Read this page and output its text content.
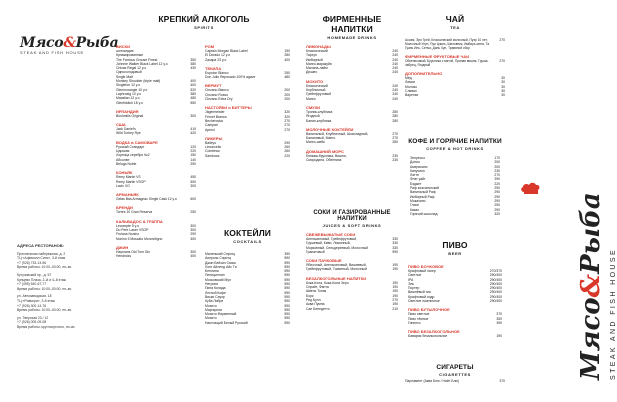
Мясо&Рыба
STEAK AND FISH HOUSE
АДРЕСА РЕСТОРАНОВ:

Пресненская набережная, д. 2
ТЦ «Афимолл Сити», 3-й этаж
+7 (926) 733-13-96
Время работы: 10:00–00:00, пн–вс

Кутузовский пр., д. 57
Кунцево Плаза, 2–й и 4–й этаж
+7 (495) 540-67-77
Время работы: 10:00–00:00, пн–вс

ул. Автозаводская, 18
ТЦ «Ривьера», 3-й этаж
+7 (926) 300-14-76
Время работы: 10:00–00:00, пн–вс

ул. Тверская 23 / 12
+7 (926) 009-09-08
Время работы: круглосуточно, пн–вс

КРЕПКИЙ АЛКОГОЛЬ
SPIRITS
ВИСКИ
шотландия
Купажированные
The Famous Grouse Finest	350
Johnnie Walker Black Label 12 y.o	380
Chivas Regal 12 y.o	430
Односолодовый
Single Malt
Monkey Shoulder (triple malt)	400
Singleton 12 y.o	400
Glenmorangie 10 y.o	520
Laphroaig 10 y.o	380
Macallan 12 y.o	480
Glenfiddich 18 y.o	550
ИРЛАНДИЯ
Bushmills Original	300
США
Jack Daniel's	410
Wild Turkey Rye	420
ВОДКА в САМОВАРЕ
Русский Стандарт	120
Царская	220
Хортица серебро №2	150
Абсолют	140
Beluga Noble	290
КОНЬЯК
Remy Martin VS	450
Remy Martin VSOP	500
Lavic XO	300
АРМАНЬЯК
Gelas Bas Armagnac Single Cask 12 y.o	600
БРЕНДИ
Torres 10 Gran Reserva	250
КАЛЬВАДОС & ГРАППА
Lecompte 5 y.o	300
Du Pere Lauer VSOP	300
Frulana Nonino	290
Nonino Il Moscato Monovitigno	400
ДЖИН
Haymans Old Tom Gin	300
Hendricks	400
РОМ
Captain Morgan Black Label	190
El Dorado 12 y.o	280
Zacapa 23 y.o	400
ТЕКИЛА
Espolon Blanco	250
Don Julio Reposado 100% agave	480
ВЕРМУТ
Cinzano Bianco	200
Cinzano Rosso	200
Cinzano Extra Dry	200
НАСТОЙКИ и БИТТЕРЫ
Jägermeister	320
Fernet Branca	320
Becherovka	270
Campari	270
Aperol	270
ЛИКЕРЫ
Baileys	290
Limoncello	260
Cointreau	260
Sambuca	220
КОКТЕЙЛИ
COCKTAILS
Маленький Спритц	390
Апероль Спритц	590
Джин Бейзил Смэш	590
Лонг Айленд Айс Ти	590
Беллини	590
Пенициллин	590
Московский Мул	590
Негрони	590
Пина Колада	590
Лесной Кофе	590
Виски Сауэр	590
Куба Либре	590
Мохито	590
Маргарита	590
Мохито Фирменный	590
Мохито	590
Настоящий Белый Русский	590
ФИРМЕННЫЕ НАПИТКИ
HOMEMADE DRINKS
ЛИМОНАДЫ
Классический	240
Тархун	240
Имбирный	240
Манго-маракуйя	240
Малина-лайм	240
Дюшес	240
МОХИТО
Классический	240
Клубничный	240
Грейпфрутовый	240
Манго	240
СМУЗИ
Тропик-клубника	280
Ягодный	280
Банан-клубника	280
МОЛОЧНЫЕ КОКТЕЙЛИ
Ванильный, Клубничный, Шоколадный,	270
Банановый, Манго	270
Манго-шейк	280
ДОМАШНИЙ МОРС
Клюква-брусника, Вишня,	230
Смородина, Облепиха	230
СОКИ И ГАЗИРОВАННЫЕ НАПИТКИ
JUICES & SOFT DRINKS
СВЕЖЕВЫЖАТЫЕ СОКИ
Апельсиновый, Грейпфрутовый,	330
Грушевый, Киви, Лимонный,	330
Морковный, Сельдереевый, Молочный	330
Гранатовый	590
СОКИ ПАЧКОВЫЕ
Яблочный, Апельсиновый, Вишневый,	190
Грейпфрутовый, Томатный, Молочный	190
БЕЗАЛКОГОЛЬНЫЕ НАПИТКИ
Кока-Кола, Кока-Кола Зеро	190
Спрайт, Фанта	190
Швепс Тоник	190
Борк	190
Ред Булл	270
Аква Пумпа	190
Сан Бенедетто	210
ЧАЙ
TEA
Ассам, Эрл Грей, Классический молочный, Пуэр 10 лет, Молочный Улун, Пуи Цзинь, Шиповник, Имбирь-мята, Та Гуань Инь, Сенча, Дань Хун, Травяной сбор
270
ФИРМЕННЫЕ ФРУКТОВЫЕ ЧАИ
Облепиховый, Брусника с мятой, Пряная вишня, Груша-чабрец, Ягодный
270
ДОПОЛНИТЕЛЬНО
Мёд	30
Лимон	30
Молоко	30
Сливки	30
Варенье	30
КОФЕ И ГОРЯЧИЕ НАПИТКИ
COFFEE & HOT DRINKS
Эспрессо	170
Допио	200
Американо	200
Капучино	230
Латте	270
Флэт уайт	290
Бэджет	220
Раф классический	290
Ванильный Раф	290
Имбирный Раф	290
Мокачино	290
Глясе	290
Какао	290
Горячий шоколад	320
ПИВО
BEER
ПИВО БОЧКОВОЕ
Крафтовый лагер	270/370
Светлое	290/400
IPA	290/400
Эль	290/400
Портер	290/400
Вишнёвый эль	290/400
Крафтовый сидр	290/400
Светлое пшеничное	290/400
ПИВО БУТЫЛОЧНОЕ
Пиво светлое	370
Пиво тёмное	350
Гиннесс	390
ПИВО БЕЗАЛКОГОЛЬНОЕ
Бавария безалкогольное	190
СИГАРЕТЫ
CIGARETTES
Парламент (Аква Блю / Найт Блю)	370
Мясо&Рыба
STEAK AND FISH HOUSE
